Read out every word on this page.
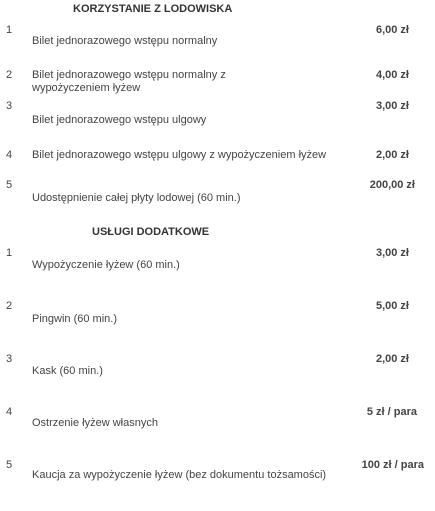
KORZYSTANIE Z LODOWISKA
1
Bilet jednorazowego wstępu normalny
6,00 zł
2 Bilet jednorazowego wstępu normalny z wypożyczeniem łyżew
4,00 zł
3
Bilet jednorazowego wstępu ulgowy
3,00 zł
4 Bilet jednorazowego wstępu ulgowy z wypożyczeniem łyżew	2,00 zł
5
Udostępnienie całej płyty lodowej (60 min.)
200,00 zł
USŁUGI DODATKOWE
1
Wypożyczenie łyżew (60 min.)
3,00 zł
2
Pingwin (60 min.)
5,00 zł
3
Kask (60 min.)
2,00 zł
4
Ostrzenie łyżew własnych
5 zł / para
5
Kaucja za wypożyczenie łyżew (bez dokumentu tożsamości)
100 zł / para
